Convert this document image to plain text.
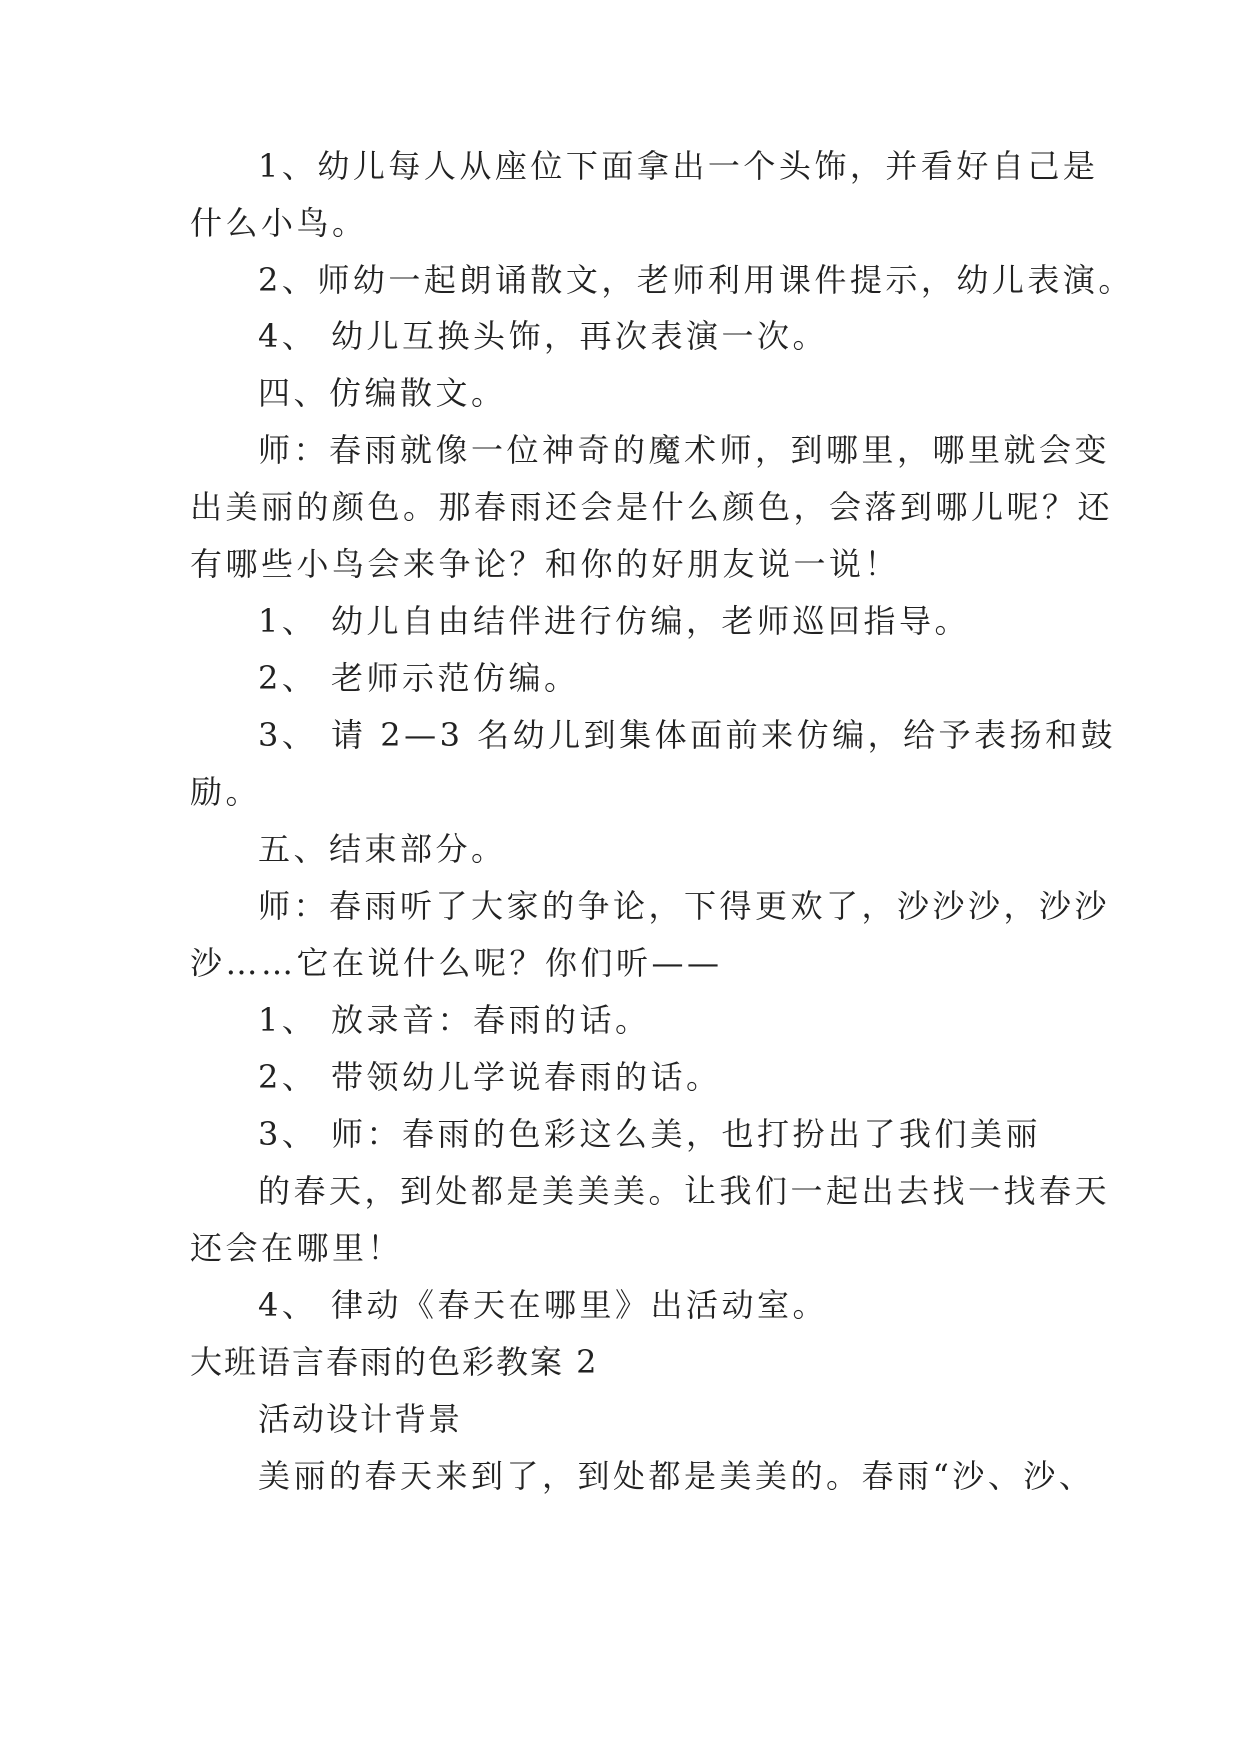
1、幼儿每人从座位下面拿出一个头饰，并看好自己是

什么小鸟。

2、师幼一起朗诵散文，老师利用课件提示，幼儿表演。

4、 幼儿互换头饰，再次表演一次。

四、仿编散文。

师：春雨就像一位神奇的魔术师，到哪里，哪里就会变

出美丽的颜色。那春雨还会是什么颜色，会落到哪儿呢？还

有哪些小鸟会来争论？和你的好朋友说一说！

1、 幼儿自由结伴进行仿编，老师巡回指导。

2、 老师示范仿编。

3、 请 2—3 名幼儿到集体面前来仿编，给予表扬和鼓

励。

五、结束部分。

师：春雨听了大家的争论，下得更欢了，沙沙沙，沙沙

沙……它在说什么呢？你们听——

1、 放录音：春雨的话。

2、 带领幼儿学说春雨的话。

3、 师：春雨的色彩这么美，也打扮出了我们美丽

的春天，到处都是美美美。让我们一起出去找一找春天

还会在哪里！

4、 律动《春天在哪里》出活动室。

大班语言春雨的色彩教案 2

活动设计背景

美丽的春天来到了，到处都是美美的。春雨“沙、沙、
